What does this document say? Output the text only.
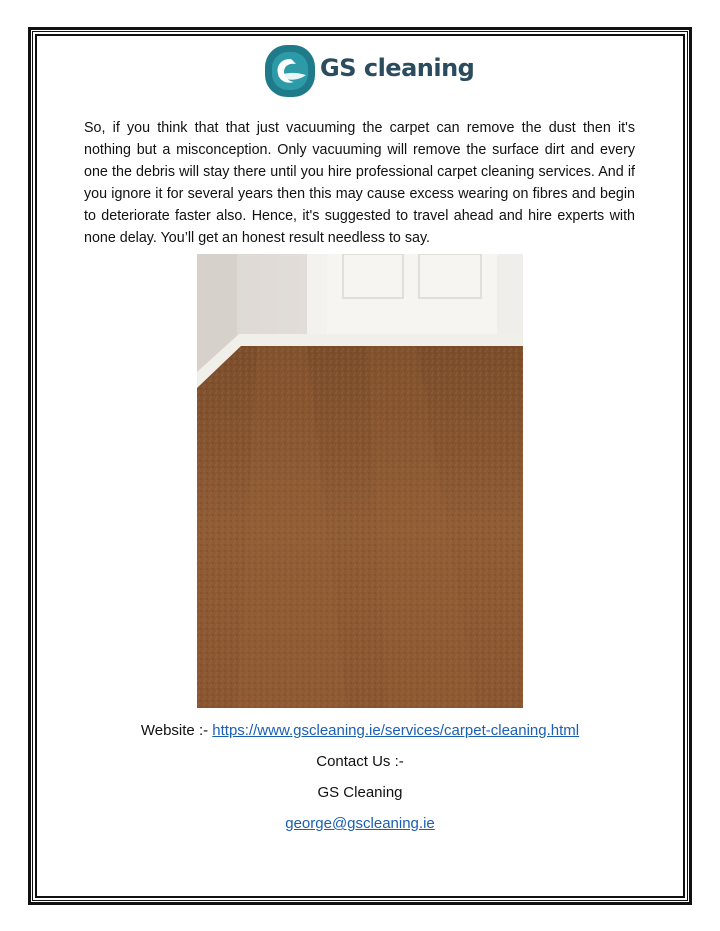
GS cleaning

So, if you think that that just vacuuming the carpet can remove the dust then it's nothing but a misconception. Only vacuuming will remove the surface dirt and every one the debris will stay there until you hire professional carpet cleaning services. And if you ignore it for several years then this may cause excess wearing on fibres and begin to deteriorate faster also. Hence, it's suggested to travel ahead and hire experts with none delay. You’ll get an honest result needless to say.

Website :- https://www.gscleaning.ie/services/carpet-cleaning.html
Contact Us :-
GS Cleaning
george@gscleaning.ie
